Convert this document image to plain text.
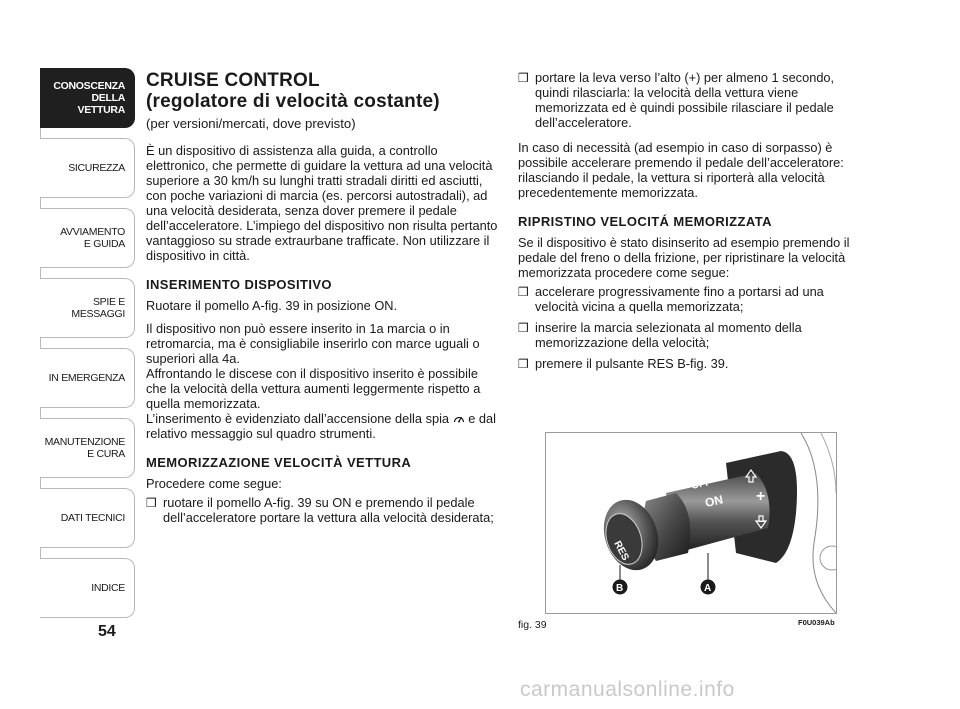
CONOSCENZA
DELLA
VETTURA
SICUREZZA
AVVIAMENTO
E GUIDA
SPIE E
MESSAGGI
IN EMERGENZA
MANUTENZIONE
E CURA
DATI TECNICI
INDICE
54
CRUISE CONTROL
(regolatore di velocità costante)
(per versioni/mercati, dove previsto)

È un dispositivo di assistenza alla guida, a controllo elettronico, che permette di guidare la vettura ad una velocità superiore a 30 km/h su lunghi tratti stradali diritti ed asciutti, con poche variazioni di marcia (es. percorsi autostradali), ad una velocità desiderata, senza dover premere il pedale dell’acceleratore. L’impiego del dispositivo non risulta pertanto vantaggioso su strade extraurbane trafficate. Non utilizzare il dispositivo in città.

INSERIMENTO DISPOSITIVO

Ruotare il pomello A-fig. 39 in posizione ON.

Il dispositivo non può essere inserito in 1a marcia o in retromarcia, ma è consigliabile inserirlo con marce uguali o superiori alla 4a.

Affrontando le discese con il dispositivo inserito è possibile che la velocità della vettura aumenti leggermente rispetto a quella memorizzata.

L’inserimento è evidenziato dall’accensione della spia e dal relativo messaggio sul quadro strumenti.

MEMORIZZAZIONE VELOCITÀ VETTURA

Procedere come segue:

❒ ruotare il pomello A-fig. 39 su ON e premendo il pedale dell’acceleratore portare la vettura alla velocità desiderata;
❒ portare la leva verso l’alto (+) per almeno 1 secondo, quindi rilasciarla: la velocità della vettura viene memorizzata ed è quindi possibile rilasciare il pedale dell’acceleratore.

In caso di necessità (ad esempio in caso di sorpasso) è possibile accelerare premendo il pedale dell’acceleratore: rilasciando il pedale, la vettura si riporterà alla velocità precedentemente memorizzata.

RIPRISTINO VELOCITÁ MEMORIZZATA

Se il dispositivo è stato disinserito ad esempio premendo il pedale del freno o della frizione, per ripristinare la velocità memorizzata procedere come segue:

❒ accelerare progressivamente fino a portarsi ad una velocità vicina a quella memorizzata;
❒ inserire la marcia selezionata al momento della memorizzazione della velocità;
❒ premere il pulsante RES B-fig. 39.
RES
OFF
ON +
–
A
B
fig. 39	F0U039Ab
carmanualsonline.info
